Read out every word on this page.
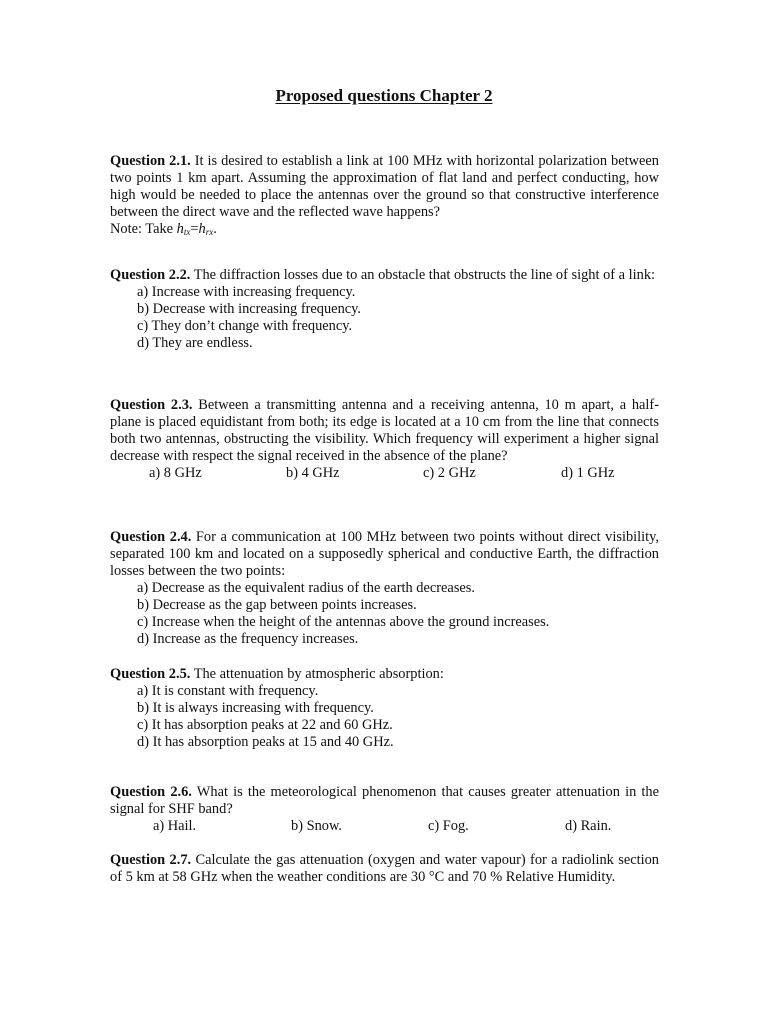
Proposed questions Chapter 2

Question 2.1. It is desired to establish a link at 100 MHz with horizontal polarization between two points 1 km apart. Assuming the approximation of flat land and perfect conducting, how high would be needed to place the antennas over the ground so that constructive interference between the direct wave and the reflected wave happens?

Note: Take $h_{tx}=h_{rx}$.

Question 2.2. The diffraction losses due to an obstacle that obstructs the line of sight of a link:

a) Increase with increasing frequency.
b) Decrease with increasing frequency.
c) They don’t change with frequency.
d) They are endless.

Question 2.3. Between a transmitting antenna and a receiving antenna, 10 m apart, a half-plane is placed equidistant from both; its edge is located at a 10 cm from the line that connects both two antennas, obstructing the visibility. Which frequency will experiment a higher signal decrease with respect the signal received in the absence of the plane?

a) 8 GHz	b) 4 GHz	c) 2 GHz	d) 1 GHz

Question 2.4. For a communication at 100 MHz between two points without direct visibility, separated 100 km and located on a supposedly spherical and conductive Earth, the diffraction losses between the two points:

a) Decrease as the equivalent radius of the earth decreases.
b) Decrease as the gap between points increases.
c) Increase when the height of the antennas above the ground increases.
d) Increase as the frequency increases.

Question 2.5. The attenuation by atmospheric absorption:

a) It is constant with frequency.
b) It is always increasing with frequency.
c) It has absorption peaks at 22 and 60 GHz.
d) It has absorption peaks at 15 and 40 GHz.

Question 2.6. What is the meteorological phenomenon that causes greater attenuation in the signal for SHF band?

a) Hail.	b) Snow.	c) Fog.	d) Rain.

Question 2.7. Calculate the gas attenuation (oxygen and water vapour) for a radiolink section of 5 km at 58 GHz when the weather conditions are 30 °C and 70 % Relative Humidity.
